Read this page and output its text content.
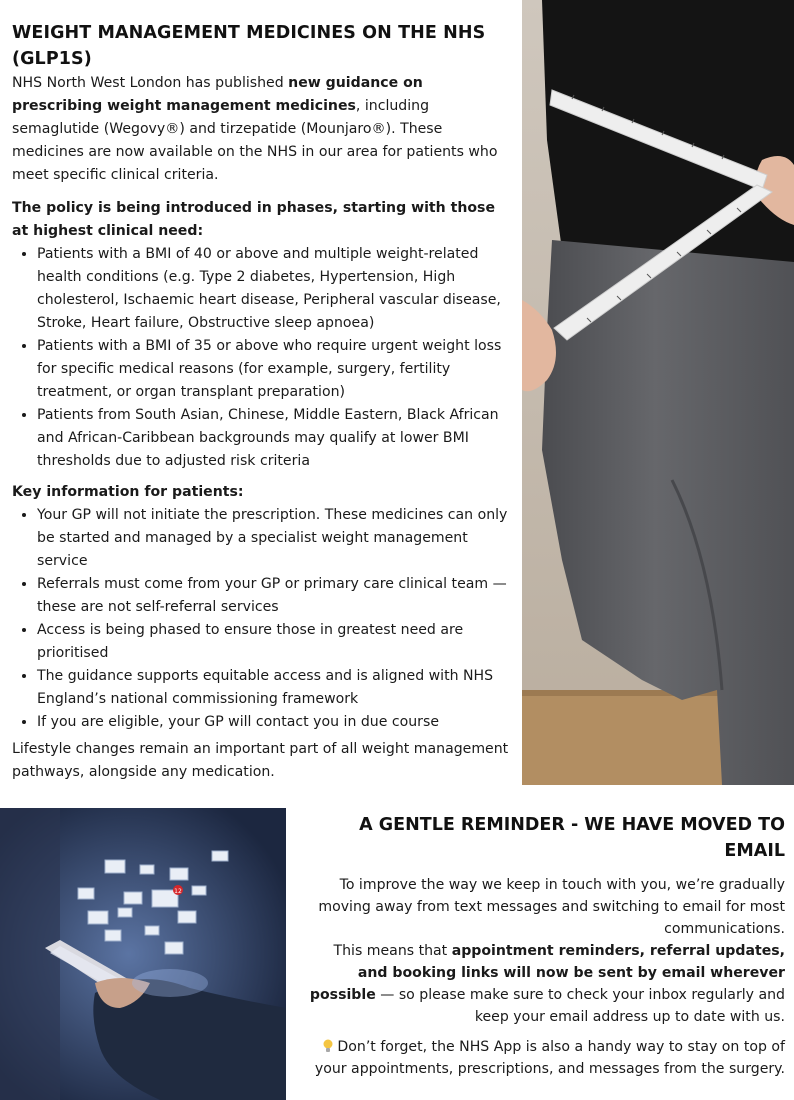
WEIGHT MANAGEMENT MEDICINES ON THE NHS (GLP1S)

NHS North West London has published new guidance on prescribing weight management medicines, including semaglutide (Wegovy®) and tirzepatide (Mounjaro®). These medicines are now available on the NHS in our area for patients who meet specific clinical criteria.

The policy is being introduced in phases, starting with those at highest clinical need:
• Patients with a BMI of 40 or above and multiple weight-related health conditions (e.g. Type 2 diabetes, Hypertension, High cholesterol, Ischaemic heart disease, Peripheral vascular disease, Stroke, Heart failure, Obstructive sleep apnoea)
• Patients with a BMI of 35 or above who require urgent weight loss for specific medical reasons (for example, surgery, fertility treatment, or organ transplant preparation)
• Patients from South Asian, Chinese, Middle Eastern, Black African and African-Caribbean backgrounds may qualify at lower BMI thresholds due to adjusted risk criteria
Key information for patients:
• Your GP will not initiate the prescription. These medicines can only be started and managed by a specialist weight management service
• Referrals must come from your GP or primary care clinical team — these are not self-referral services
• Access is being phased to ensure those in greatest need are prioritised
• The guidance supports equitable access and is aligned with NHS England’s national commissioning framework
• If you are eligible, your GP will contact you in due course

Lifestyle changes remain an important part of all weight management pathways, alongside any medication.

12
A GENTLE REMINDER - WE HAVE MOVED TO EMAIL

To improve the way we keep in touch with you, we’re gradually moving away from text messages and switching to email for most communications.

This means that appointment reminders, referral updates, and booking links will now be sent by email wherever possible — so please make sure to check your inbox regularly and keep your email address up to date with us.

Don’t forget, the NHS App is also a handy way to stay on top of your appointments, prescriptions, and messages from the surgery.
